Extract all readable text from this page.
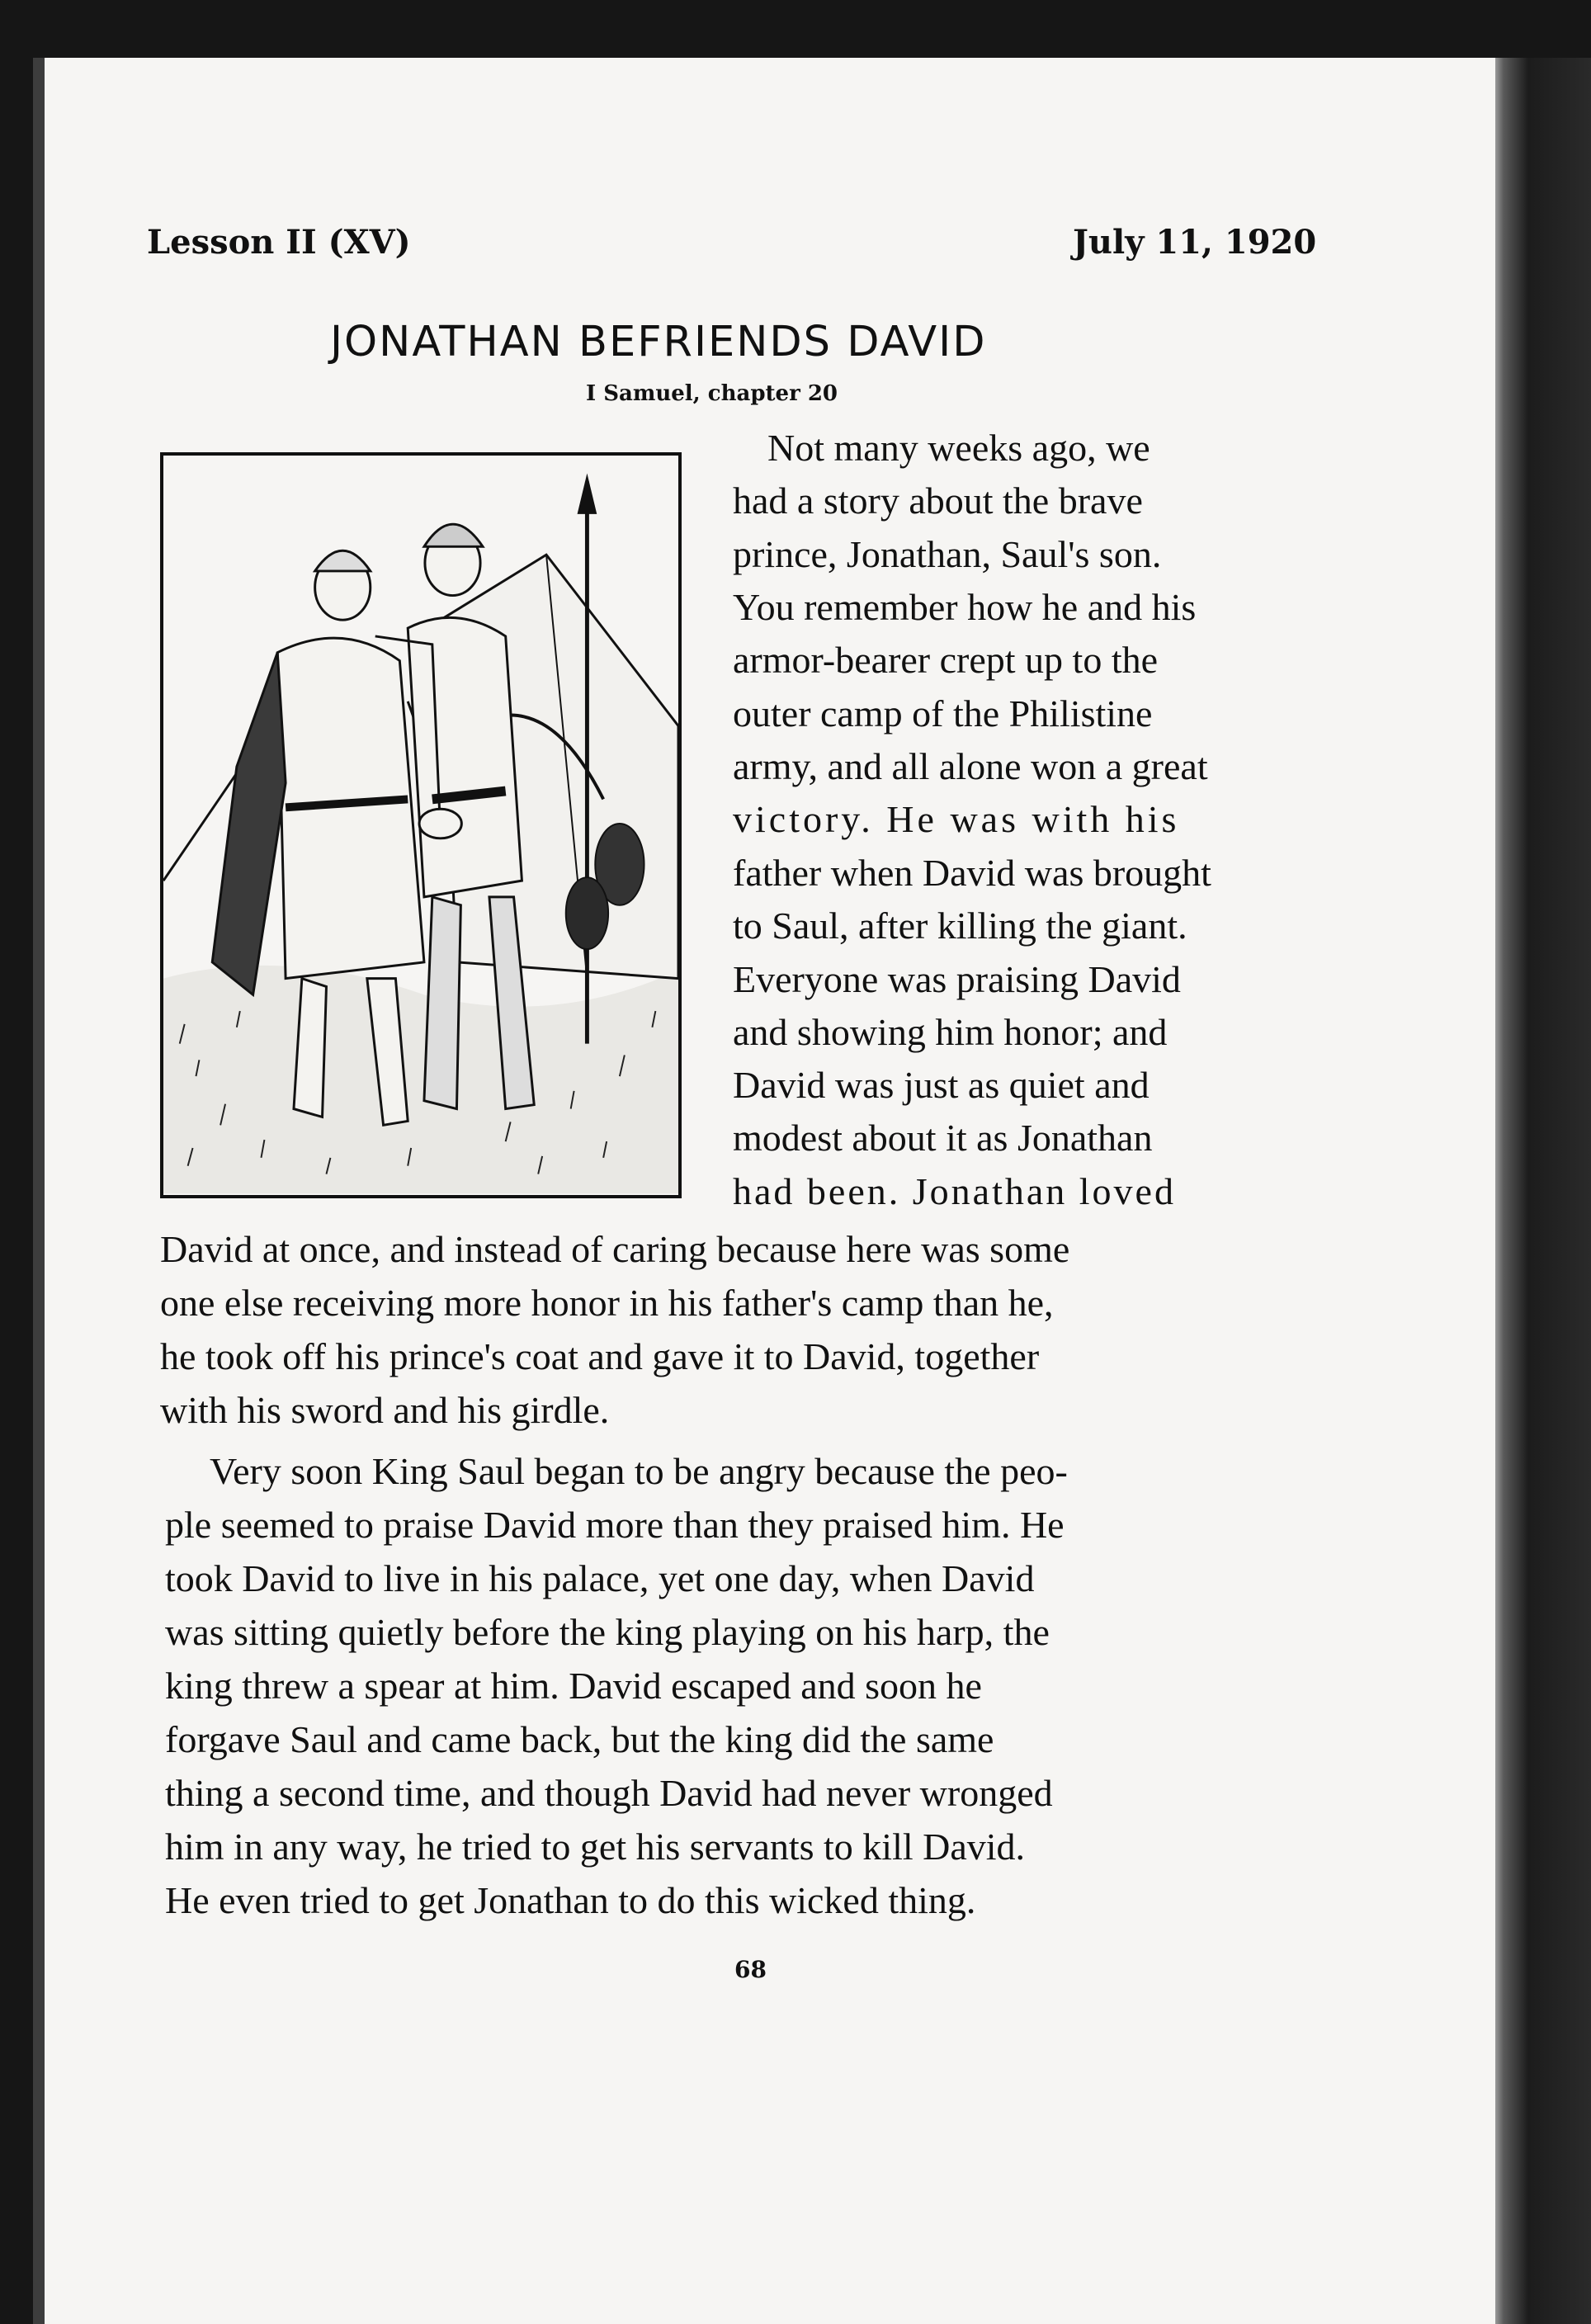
Lesson II (XV)	July 11, 1920
JONATHAN BEFRIENDS DAVID
I Samuel, chapter 20
Not many weeks ago, we
had a story about the brave
prince, Jonathan, Saul's son.
You remember how he and his
armor-bearer crept up to the
outer camp of the Philistine
army, and all alone won a great
victory. He was with his
father when David was brought
to Saul, after killing the giant.
Everyone was praising David
and showing him honor; and
David was just as quiet and
modest about it as Jonathan
had been. Jonathan loved
David at once, and instead of caring because here was some
one else receiving more honor in his father's camp than he,
he took off his prince's coat and gave it to David, together
with his sword and his girdle.
Very soon King Saul began to be angry because the peo-
ple seemed to praise David more than they praised him. He
took David to live in his palace, yet one day, when David
was sitting quietly before the king playing on his harp, the
king threw a spear at him. David escaped and soon he
forgave Saul and came back, but the king did the same
thing a second time, and though David had never wronged
him in any way, he tried to get his servants to kill David.
He even tried to get Jonathan to do this wicked thing.
68
